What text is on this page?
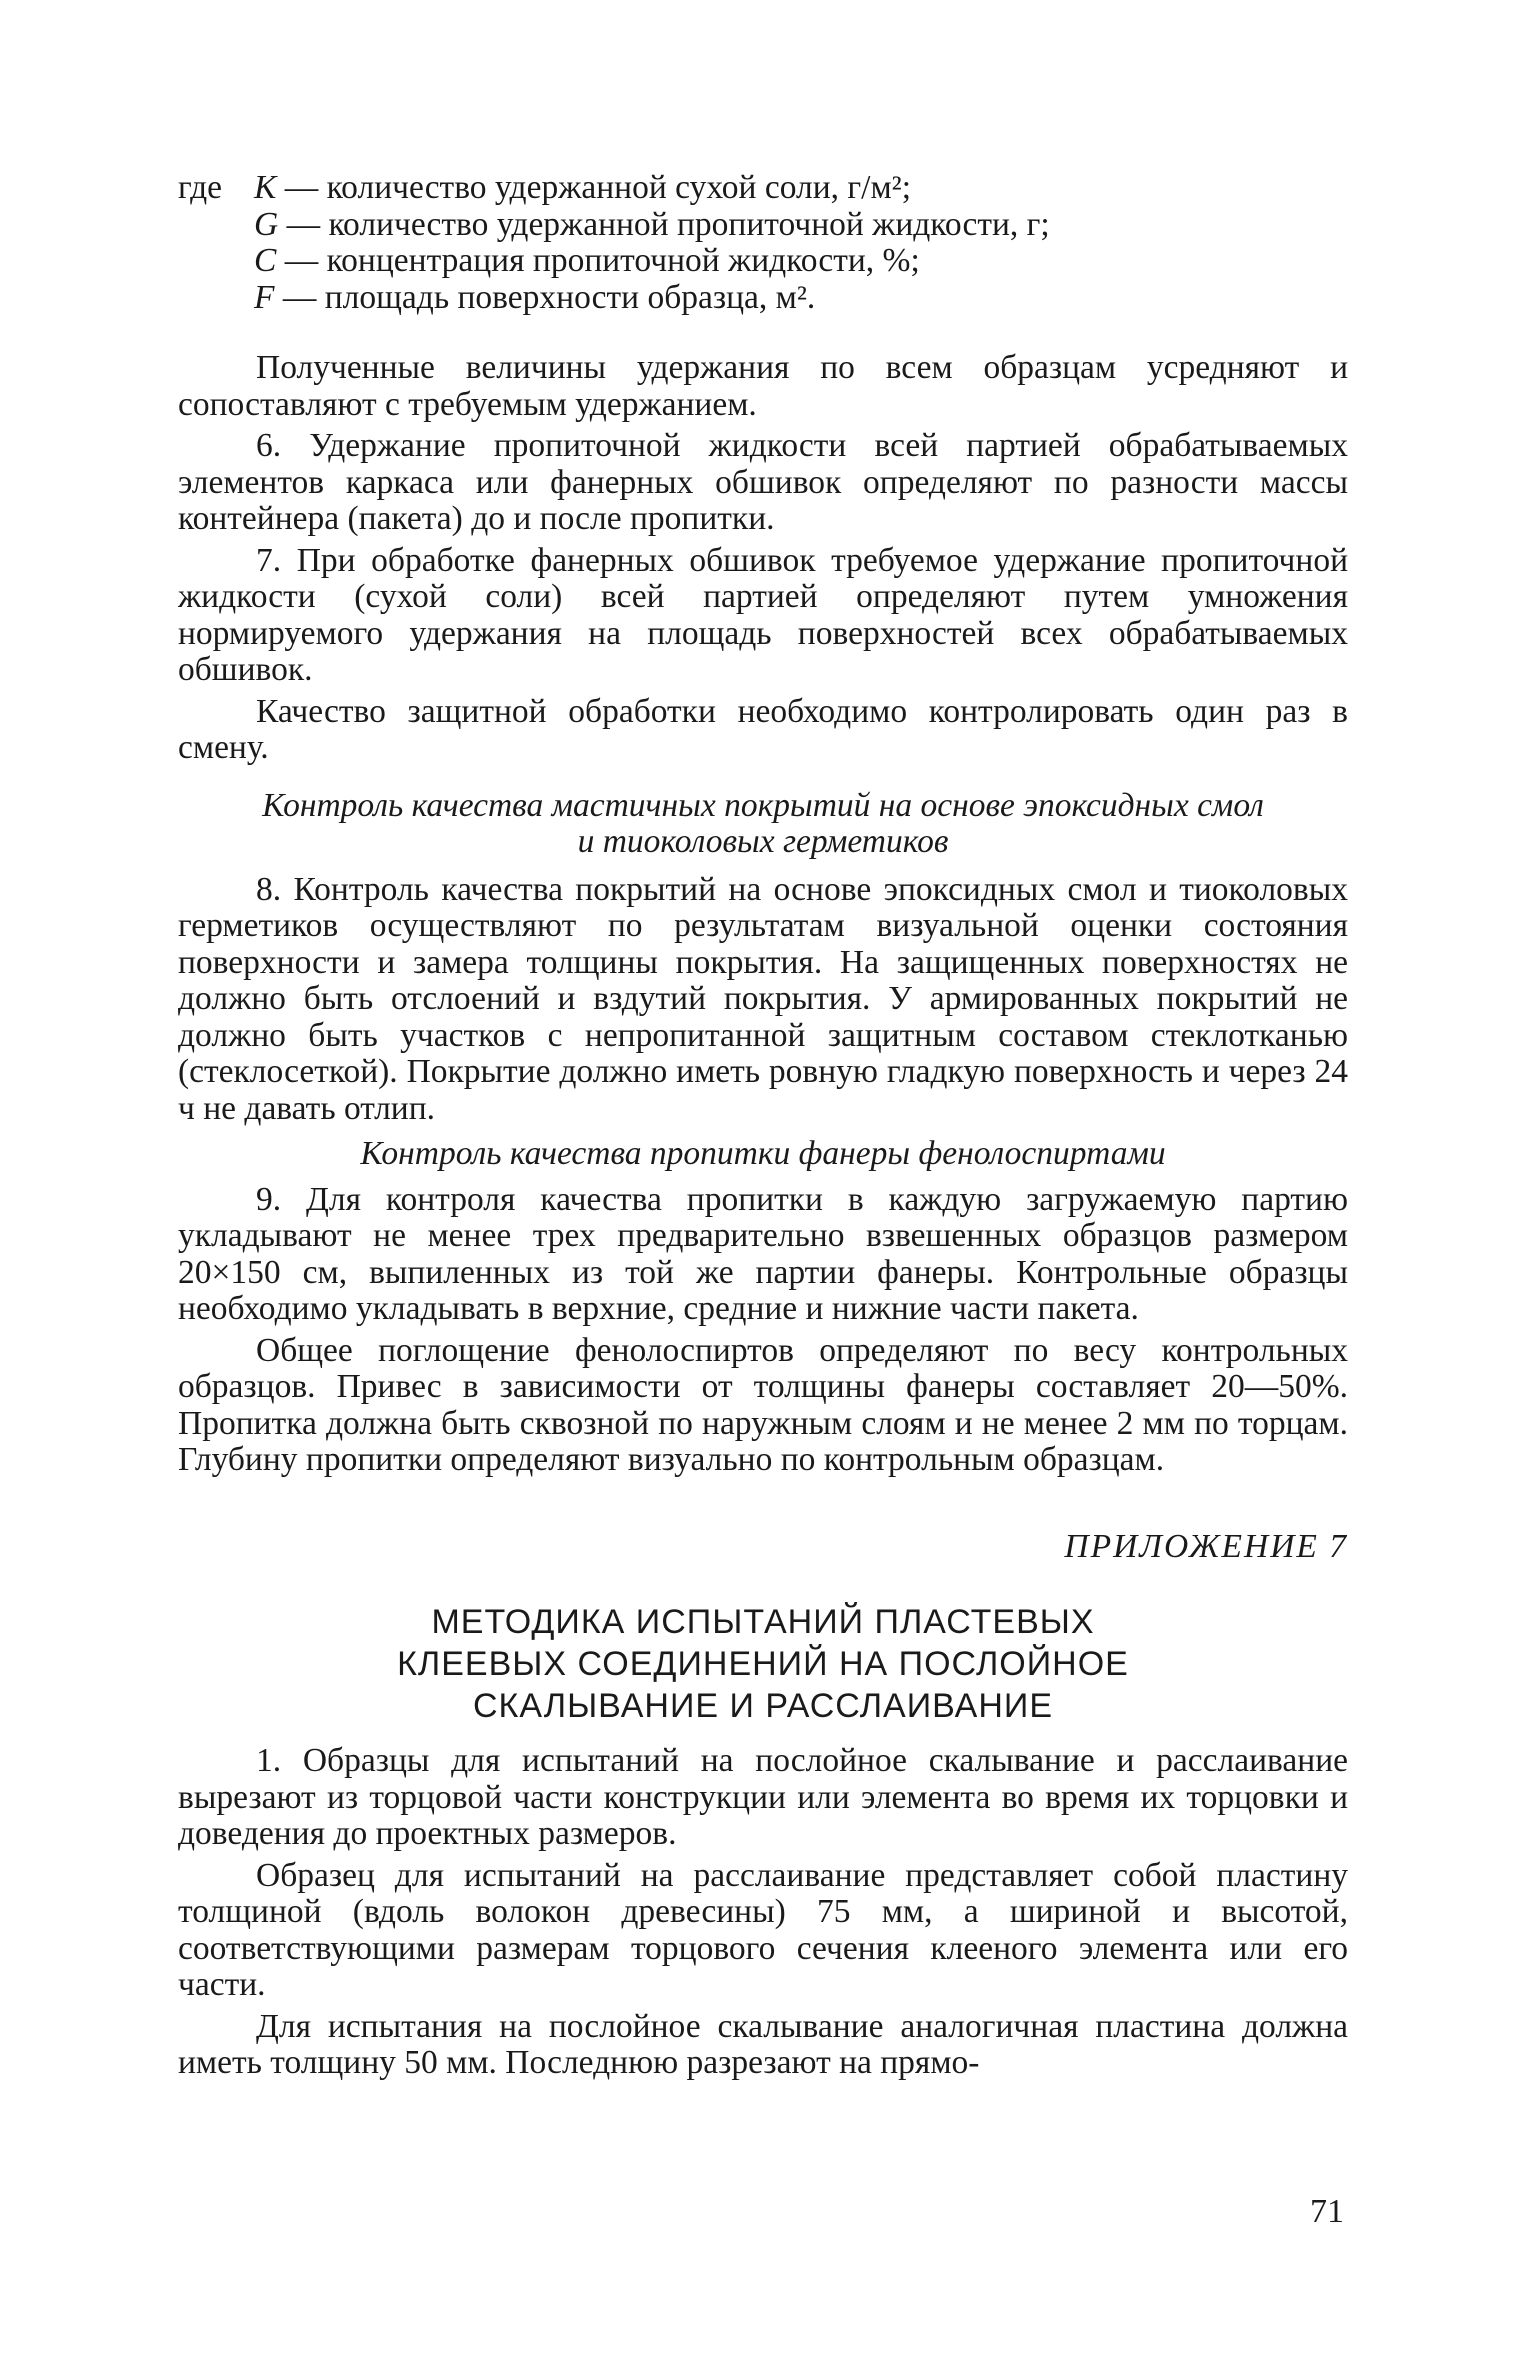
где K — количество удержанной сухой соли, г/м²;
G — количество удержанной пропиточной жидкости, г;
C — концентрация пропиточной жидкости, %;
F — площадь поверхности образца, м².

Полученные величины удержания по всем образцам усредняют и сопоставляют с требуемым удержанием.

6. Удержание пропиточной жидкости всей партией обрабатываемых элементов каркаса или фанерных обшивок определяют по разности массы контейнера (пакета) до и после пропитки.

7. При обработке фанерных обшивок требуемое удержание пропиточной жидкости (сухой соли) всей партией определяют путем умножения нормируемого удержания на площадь поверхностей всех обрабатываемых обшивок.

Качество защитной обработки необходимо контролировать один раз в смену.

Контроль качества мастичных покрытий на основе эпоксидных смол
и тиоколовых герметиков

8. Контроль качества покрытий на основе эпоксидных смол и тиоколовых герметиков осуществляют по результатам визуальной оценки состояния поверхности и замера толщины покрытия. На защищенных поверхностях не должно быть отслоений и вздутий покрытия. У армированных покрытий не должно быть участков с непропитанной защитным составом стеклотканью (стеклосеткой). Покрытие должно иметь ровную гладкую поверхность и через 24 ч не давать отлип.

Контроль качества пропитки фанеры фенолоспиртами

9. Для контроля качества пропитки в каждую загружаемую партию укладывают не менее трех предварительно взвешенных образцов размером 20×150 см, выпиленных из той же партии фанеры. Контрольные образцы необходимо укладывать в верхние, средние и нижние части пакета.

Общее поглощение фенолоспиртов определяют по весу контрольных образцов. Привес в зависимости от толщины фанеры составляет 20—50%. Пропитка должна быть сквозной по наружным слоям и не менее 2 мм по торцам. Глубину пропитки определяют визуально по контрольным образцам.

ПРИЛОЖЕНИЕ 7
МЕТОДИКА ИСПЫТАНИЙ ПЛАСТЕВЫХ
КЛЕЕВЫХ СОЕДИНЕНИЙ НА ПОСЛОЙНОЕ
СКАЛЫВАНИЕ И РАССЛАИВАНИЕ

1. Образцы для испытаний на послойное скалывание и расслаивание вырезают из торцовой части конструкции или элемента во время их торцовки и доведения до проектных размеров.

Образец для испытаний на расслаивание представляет собой пластину толщиной (вдоль волокон древесины) 75 мм, а шириной и высотой, соответствующими размерам торцового сечения клееного элемента или его части.

Для испытания на послойное скалывание аналогичная пластина должна иметь толщину 50 мм. Последнюю разрезают на прямо-

71
